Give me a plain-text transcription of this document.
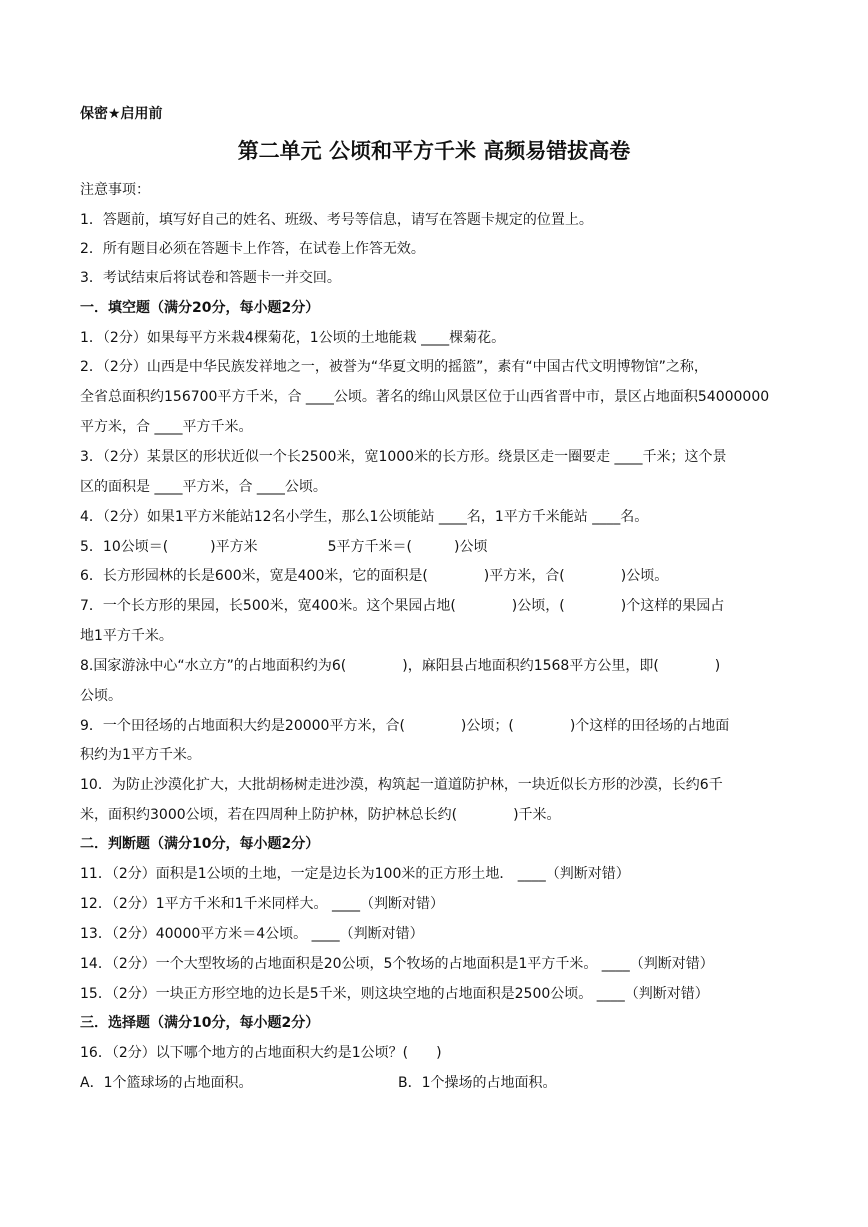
保密★启用前
第二单元 公顷和平方千米 高频易错拔高卷
注意事项：
1．答题前，填写好自己的姓名、班级、考号等信息，请写在答题卡规定的位置上。
2．所有题目必须在答题卡上作答，在试卷上作答无效。
3．考试结束后将试卷和答题卡一并交回。
一．填空题（满分20分，每小题2分）
1．（2分）如果每平方米栽4棵菊花，1公顷的土地能栽 ____棵菊花。
2．（2分）山西是中华民族发祥地之一，被誉为“华夏文明的摇篮”，素有“中国古代文明博物馆”之称，
全省总面积约156700平方千米，合 ____公顷。著名的绵山风景区位于山西省晋中市，景区占地面积54000000
平方米，合 ____平方千米。
3．（2分）某景区的形状近似一个长2500米，宽1000米的长方形。绕景区走一圈要走 ____千米；这个景
区的面积是 ____平方米，合 ____公顷。
4．（2分）如果1平方米能站12名小学生，那么1公顷能站 ____名，1平方千米能站 ____名。
5．10公顷＝(　　　)平方米　　　　　5平方千米＝(　　　)公顷
6．长方形园林的长是600米，宽是400米，它的面积是(　　　　)平方米，合(　　　　)公顷。
7．一个长方形的果园，长500米，宽400米。这个果园占地(　　　　)公顷，(　　　　)个这样的果园占
地1平方千米。
8.国家游泳中心“水立方”的占地面积约为6(　　　　)，麻阳县占地面积约1568平方公里，即(　　　　)
公顷。
9．一个田径场的占地面积大约是20000平方米，合(　　　　)公顷；(　　　　)个这样的田径场的占地面
积约为1平方千米。
10．为防止沙漠化扩大，大批胡杨树走进沙漠，构筑起一道道防护林，一块近似长方形的沙漠，长约6千
米，面积约3000公顷，若在四周种上防护林，防护林总长约(　　　　)千米。
二．判断题（满分10分，每小题2分）
11．（2分）面积是1公顷的土地，一定是边长为100米的正方形土地． ____（判断对错）
12．（2分）1平方千米和1千米同样大。 ____（判断对错）
13．（2分）40000平方米＝4公顷。 ____（判断对错）
14．（2分）一个大型牧场的占地面积是20公顷，5个牧场的占地面积是1平方千米。 ____（判断对错）
15．（2分）一块正方形空地的边长是5千米，则这块空地的占地面积是2500公顷。 ____（判断对错）
三．选择题（满分10分，每小题2分）
16．（2分）以下哪个地方的占地面积大约是1公顷？(　　)
A．1个篮球场的占地面积。	B．1个操场的占地面积。
